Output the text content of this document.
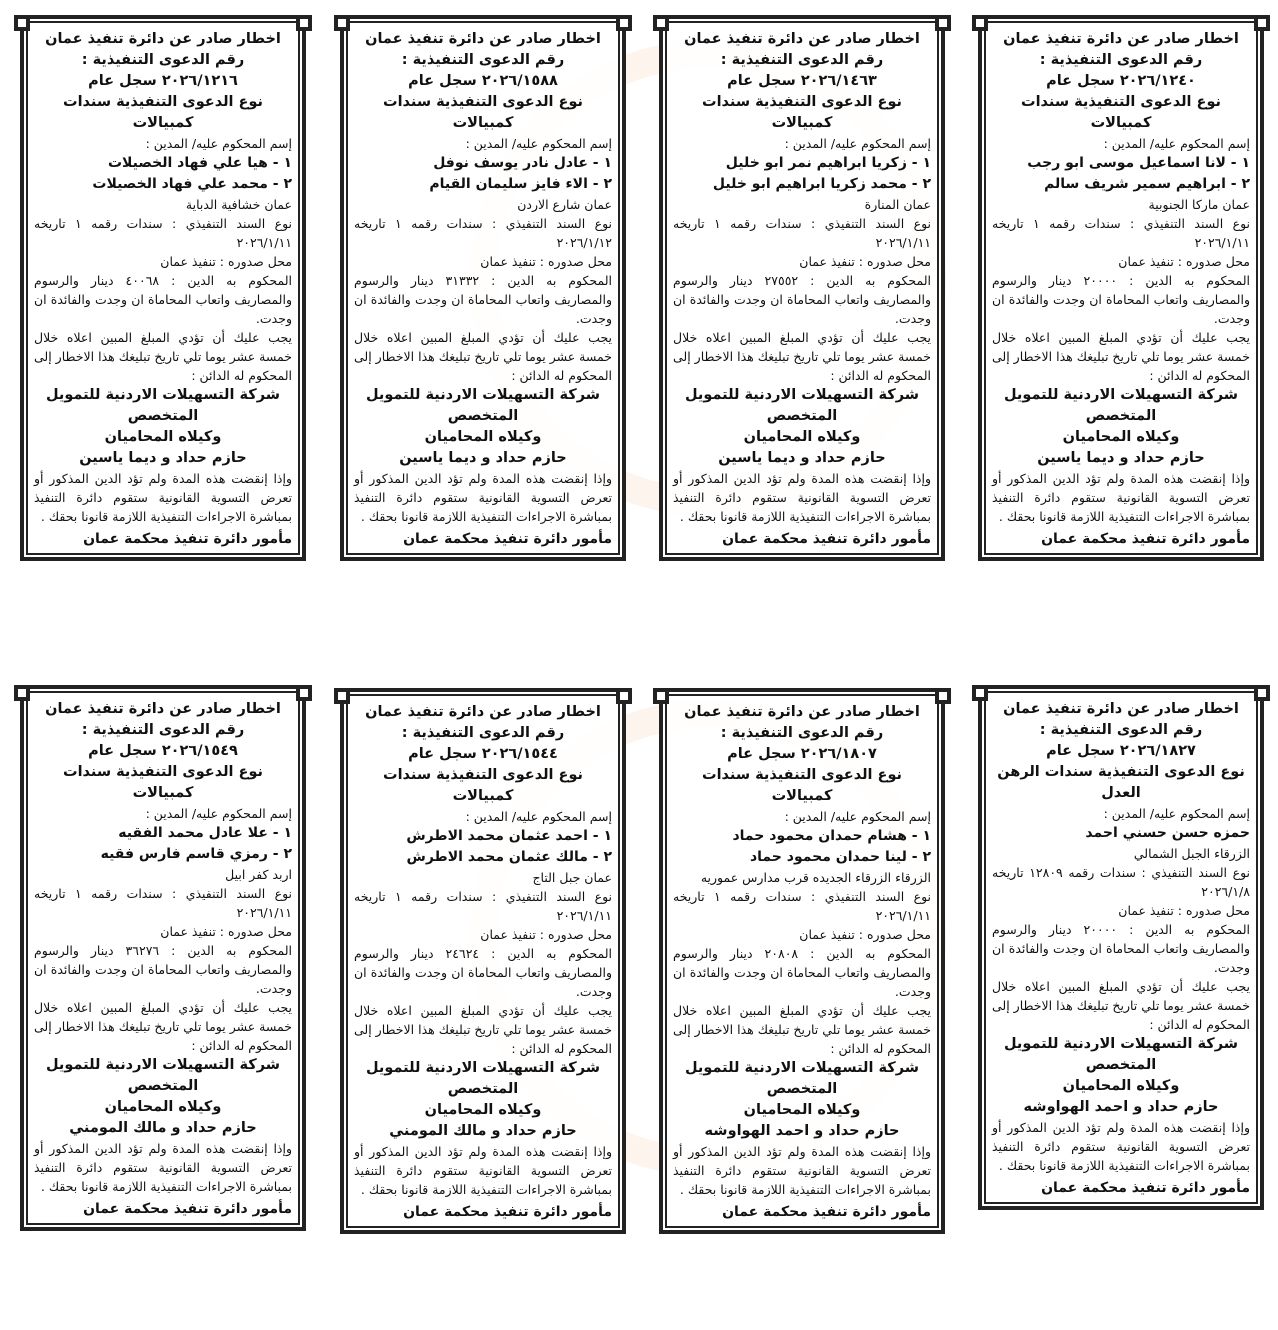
اخطار صادر عن دائرة تنفيذ عمان
رقم الدعوى التنفيذية :
٢٠٢٦/١٢٤٠ سجل عام
نوع الدعوى التنفيذية سندات كمبيالات
إسم المحكوم عليه/ المدين :
١ - لانا اسماعيل موسى ابو رجب
٢ - ابراهيم سمير شريف سالم
عمان ماركا الجنوبية
نوع السند التنفيذي : سندات رقمه ١ تاريخه ٢٠٢٦/١/١١
محل صدوره : تنفيذ عمان
المحكوم به الدين : ٢٠٠٠٠ دينار والرسوم والمصاريف واتعاب المحاماة ان وجدت والفائدة ان وجدت.
يجب عليك أن تؤدي المبلغ المبين اعلاه خلال خمسة عشر يوما تلي تاريخ تبليغك هذا الاخطار إلى المحكوم له الدائن :
شركة التسهيلات الاردنية للتمويل المتخصص
وكيلاه المحاميان
حازم حداد و ديما ياسين
وإذا إنقضت هذه المدة ولم تؤد الدين المذكور أو تعرض التسوية القانونية ستقوم دائرة التنفيذ بمباشرة الاجراءات التنفيذية اللازمة قانونا بحقك .
مأمور دائرة تنفيذ محكمة عمان
اخطار صادر عن دائرة تنفيذ عمان
رقم الدعوى التنفيذية :
٢٠٢٦/١٤٦٣ سجل عام
نوع الدعوى التنفيذية سندات كمبيالات
إسم المحكوم عليه/ المدين :
١ - زكريا ابراهيم نمر ابو خليل
٢ - محمد زكريا ابراهيم ابو خليل
عمان المنارة
نوع السند التنفيذي : سندات رقمه ١ تاريخه ٢٠٢٦/١/١١
محل صدوره : تنفيذ عمان
المحكوم به الدين : ٢٧٥٥٢ دينار والرسوم والمصاريف واتعاب المحاماة ان وجدت والفائدة ان وجدت.
يجب عليك أن تؤدي المبلغ المبين اعلاه خلال خمسة عشر يوما تلي تاريخ تبليغك هذا الاخطار إلى المحكوم له الدائن :
شركة التسهيلات الاردنية للتمويل المتخصص
وكيلاه المحاميان
حازم حداد و ديما ياسين
وإذا إنقضت هذه المدة ولم تؤد الدين المذكور أو تعرض التسوية القانونية ستقوم دائرة التنفيذ بمباشرة الاجراءات التنفيذية اللازمة قانونا بحقك .
مأمور دائرة تنفيذ محكمة عمان
اخطار صادر عن دائرة تنفيذ عمان
رقم الدعوى التنفيذية :
٢٠٢٦/١٥٨٨ سجل عام
نوع الدعوى التنفيذية سندات كمبيالات
إسم المحكوم عليه/ المدين :
١ - عادل نادر يوسف نوفل
٢ - الاء فايز سليمان القيام
عمان شارع الاردن
نوع السند التنفيذي : سندات رقمه ١ تاريخه ٢٠٢٦/١/١٢
محل صدوره : تنفيذ عمان
المحكوم به الدين : ٣١٣٣٢ دينار والرسوم والمصاريف واتعاب المحاماة ان وجدت والفائدة ان وجدت.
يجب عليك أن تؤدي المبلغ المبين اعلاه خلال خمسة عشر يوما تلي تاريخ تبليغك هذا الاخطار إلى المحكوم له الدائن :
شركة التسهيلات الاردنية للتمويل المتخصص
وكيلاه المحاميان
حازم حداد و ديما ياسين
وإذا إنقضت هذه المدة ولم تؤد الدين المذكور أو تعرض التسوية القانونية ستقوم دائرة التنفيذ بمباشرة الاجراءات التنفيذية اللازمة قانونا بحقك .
مأمور دائرة تنفيذ محكمة عمان
اخطار صادر عن دائرة تنفيذ عمان
رقم الدعوى التنفيذية :
٢٠٢٦/١٢١٦ سجل عام
نوع الدعوى التنفيذية سندات كمبيالات
إسم المحكوم عليه/ المدين :
١ - هيا علي فهاد الخصيلات
٢ - محمد علي فهاد الخصيلات
عمان خشافية الدباية
نوع السند التنفيذي : سندات رقمه ١ تاريخه ٢٠٢٦/١/١١
محل صدوره : تنفيذ عمان
المحكوم به الدين : ٤٠٠٦٨ دينار والرسوم والمصاريف واتعاب المحاماة ان وجدت والفائدة ان وجدت.
يجب عليك أن تؤدي المبلغ المبين اعلاه خلال خمسة عشر يوما تلي تاريخ تبليغك هذا الاخطار إلى المحكوم له الدائن :
شركة التسهيلات الاردنية للتمويل المتخصص
وكيلاه المحاميان
حازم حداد و ديما ياسين
وإذا إنقضت هذه المدة ولم تؤد الدين المذكور أو تعرض التسوية القانونية ستقوم دائرة التنفيذ بمباشرة الاجراءات التنفيذية اللازمة قانونا بحقك .
مأمور دائرة تنفيذ محكمة عمان
اخطار صادر عن دائرة تنفيذ عمان
رقم الدعوى التنفيذية :
٢٠٢٦/١٨٢٧ سجل عام
نوع الدعوى التنفيذية سندات الرهن العدل
إسم المحكوم عليه/ المدين :
حمزه حسن حسني احمد
الزرقاء الجبل الشمالي
نوع السند التنفيذي : سندات رقمه ١٢٨٠٩ تاريخه ٢٠٢٦/١/٨
محل صدوره : تنفيذ عمان
المحكوم به الدين : ٢٠٠٠٠ دينار والرسوم والمصاريف واتعاب المحاماة ان وجدت والفائدة ان وجدت.
يجب عليك أن تؤدي المبلغ المبين اعلاه خلال خمسة عشر يوما تلي تاريخ تبليغك هذا الاخطار إلى المحكوم له الدائن :
شركة التسهيلات الاردنية للتمويل المتخصص
وكيلاه المحاميان
حازم حداد و احمد الهواوشه
وإذا إنقضت هذه المدة ولم تؤد الدين المذكور أو تعرض التسوية القانونية ستقوم دائرة التنفيذ بمباشرة الاجراءات التنفيذية اللازمة قانونا بحقك .
مأمور دائرة تنفيذ محكمة عمان
اخطار صادر عن دائرة تنفيذ عمان
رقم الدعوى التنفيذية :
٢٠٢٦/١٨٠٧ سجل عام
نوع الدعوى التنفيذية سندات كمبيالات
إسم المحكوم عليه/ المدين :
١ - هشام حمدان محمود حماد
٢ - لينا حمدان محمود حماد
الزرقاء الزرقاء الجديده قرب مدارس عموريه
نوع السند التنفيذي : سندات رقمه ١ تاريخه ٢٠٢٦/١/١١
محل صدوره : تنفيذ عمان
المحكوم به الدين : ٢٠٨٠٨ دينار والرسوم والمصاريف واتعاب المحاماة ان وجدت والفائدة ان وجدت.
يجب عليك أن تؤدي المبلغ المبين اعلاه خلال خمسة عشر يوما تلي تاريخ تبليغك هذا الاخطار إلى المحكوم له الدائن :
شركة التسهيلات الاردنية للتمويل المتخصص
وكيلاه المحاميان
حازم حداد و احمد الهواوشه
وإذا إنقضت هذه المدة ولم تؤد الدين المذكور أو تعرض التسوية القانونية ستقوم دائرة التنفيذ بمباشرة الاجراءات التنفيذية اللازمة قانونا بحقك .
مأمور دائرة تنفيذ محكمة عمان
اخطار صادر عن دائرة تنفيذ عمان
رقم الدعوى التنفيذية :
٢٠٢٦/١٥٤٤ سجل عام
نوع الدعوى التنفيذية سندات كمبيالات
إسم المحكوم عليه/ المدين :
١ - احمد عثمان محمد الاطرش
٢ - مالك عثمان محمد الاطرش
عمان جبل التاج
نوع السند التنفيذي : سندات رقمه ١ تاريخه ٢٠٢٦/١/١١
محل صدوره : تنفيذ عمان
المحكوم به الدين : ٢٤٦٢٤ دينار والرسوم والمصاريف واتعاب المحاماة ان وجدت والفائدة ان وجدت.
يجب عليك أن تؤدي المبلغ المبين اعلاه خلال خمسة عشر يوما تلي تاريخ تبليغك هذا الاخطار إلى المحكوم له الدائن :
شركة التسهيلات الاردنية للتمويل المتخصص
وكيلاه المحاميان
حازم حداد و مالك المومني
وإذا إنقضت هذه المدة ولم تؤد الدين المذكور أو تعرض التسوية القانونية ستقوم دائرة التنفيذ بمباشرة الاجراءات التنفيذية اللازمة قانونا بحقك .
مأمور دائرة تنفيذ محكمة عمان
اخطار صادر عن دائرة تنفيذ عمان
رقم الدعوى التنفيذية :
٢٠٢٦/١٥٤٩ سجل عام
نوع الدعوى التنفيذية سندات كمبيالات
إسم المحكوم عليه/ المدين :
١ - علا عادل محمد الفقيه
٢ - رمزي قاسم فارس فقيه
اربد كفر ابيل
نوع السند التنفيذي : سندات رقمه ١ تاريخه ٢٠٢٦/١/١١
محل صدوره : تنفيذ عمان
المحكوم به الدين : ٣٦٢٧٦ دينار والرسوم والمصاريف واتعاب المحاماة ان وجدت والفائدة ان وجدت.
يجب عليك أن تؤدي المبلغ المبين اعلاه خلال خمسة عشر يوما تلي تاريخ تبليغك هذا الاخطار إلى المحكوم له الدائن :
شركة التسهيلات الاردنية للتمويل المتخصص
وكيلاه المحاميان
حازم حداد و مالك المومني
وإذا إنقضت هذه المدة ولم تؤد الدين المذكور أو تعرض التسوية القانونية ستقوم دائرة التنفيذ بمباشرة الاجراءات التنفيذية اللازمة قانونا بحقك .
مأمور دائرة تنفيذ محكمة عمان
